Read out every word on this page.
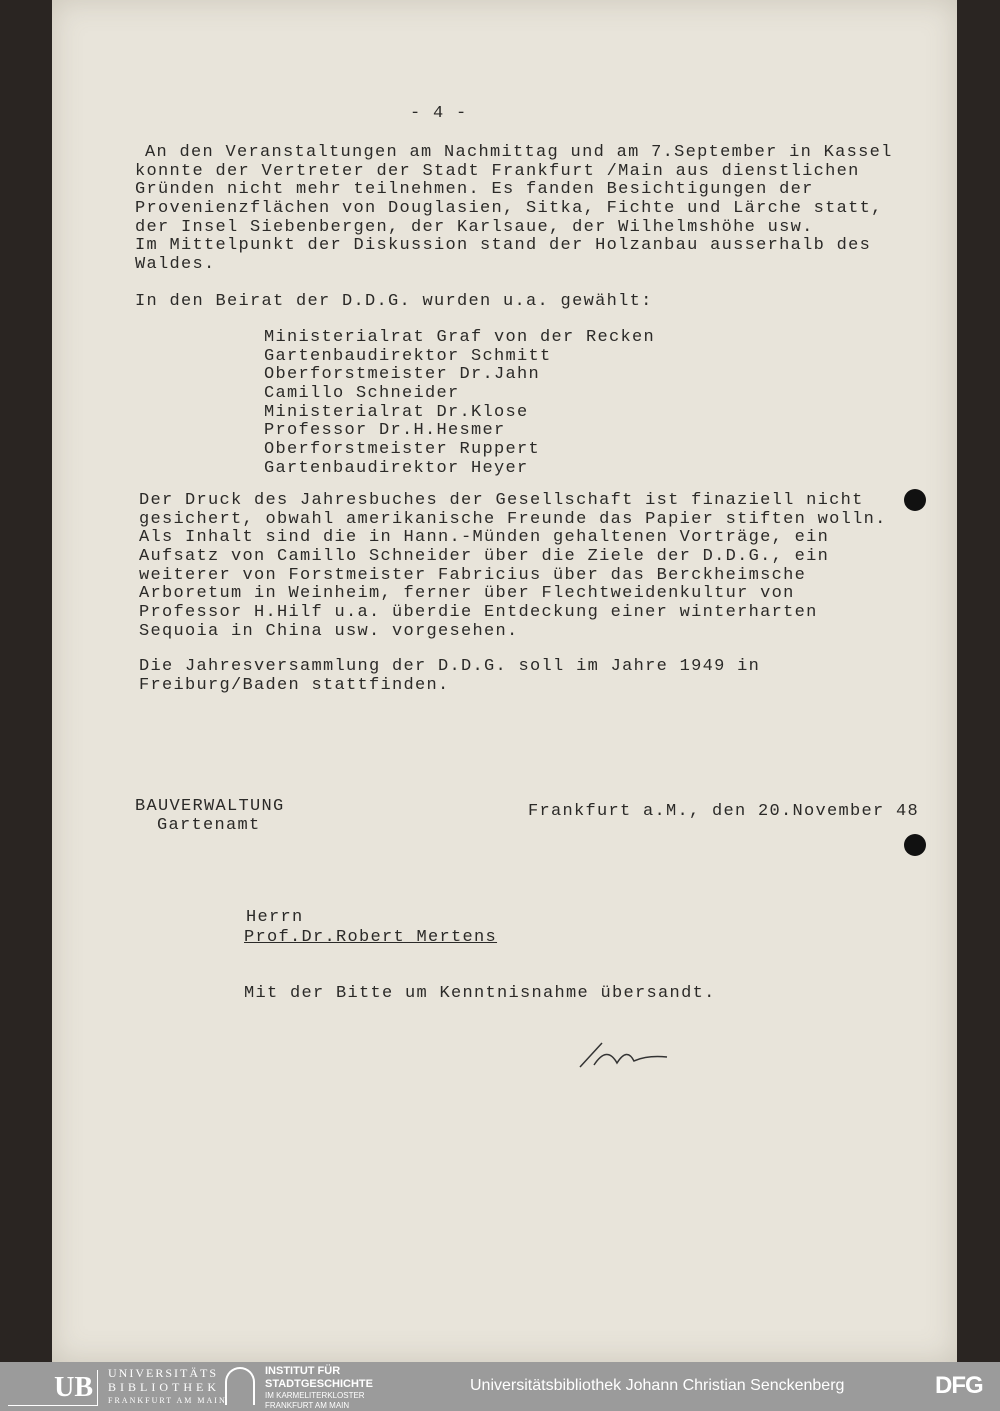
- 4 -
An den Veranstaltungen am Nachmittag und am 7.September in Kassel
konnte der Vertreter der Stadt Frankfurt /Main aus dienstlichen
Gründen nicht mehr teilnehmen. Es fanden Besichtigungen der
Provenienzflächen von Douglasien, Sitka, Fichte und Lärche statt,
der Insel Siebenbergen, der Karlsaue, der Wilhelmshöhe usw.
Im Mittelpunkt der Diskussion stand der Holzanbau ausserhalb des
Waldes.
In den Beirat der D.D.G. wurden u.a. gewählt:
Ministerialrat Graf von der Recken
Gartenbaudirektor Schmitt
Oberforstmeister Dr.Jahn
Camillo Schneider
Ministerialrat Dr.Klose
Professor Dr.H.Hesmer
Oberforstmeister Ruppert
Gartenbaudirektor Heyer
Der Druck des Jahresbuches der Gesellschaft ist finaziell nicht
gesichert, obwahl amerikanische Freunde das Papier stiften wolln.
Als Inhalt sind die in Hann.-Münden gehaltenen Vorträge, ein
Aufsatz von Camillo Schneider über die Ziele der D.D.G., ein
weiterer von Forstmeister Fabricius über das Berckheimsche
Arboretum in Weinheim, ferner über Flechtweidenkultur von
Professor H.Hilf u.a. überdie Entdeckung einer winterharten
Sequoia in China usw. vorgesehen.
Die Jahresversammlung der D.D.G. soll im Jahre 1949 in
Freiburg/Baden stattfinden.
BAUVERWALTUNG
Gartenamt
Frankfurt a.M., den 20.November 48
Herrn
Prof.Dr.Robert Mertens
Mit der Bitte um Kenntnisnahme übersandt.
UB	UNIVERSITÄTS
BIBLIOTHEK
FRANKFURT AM MAIN
INSTITUT FÜR
STADTGESCHICHTE
IM KARMELITERKLOSTER
FRANKFURT AM MAIN
Universitätsbibliothek Johann Christian Senckenberg	DFG
